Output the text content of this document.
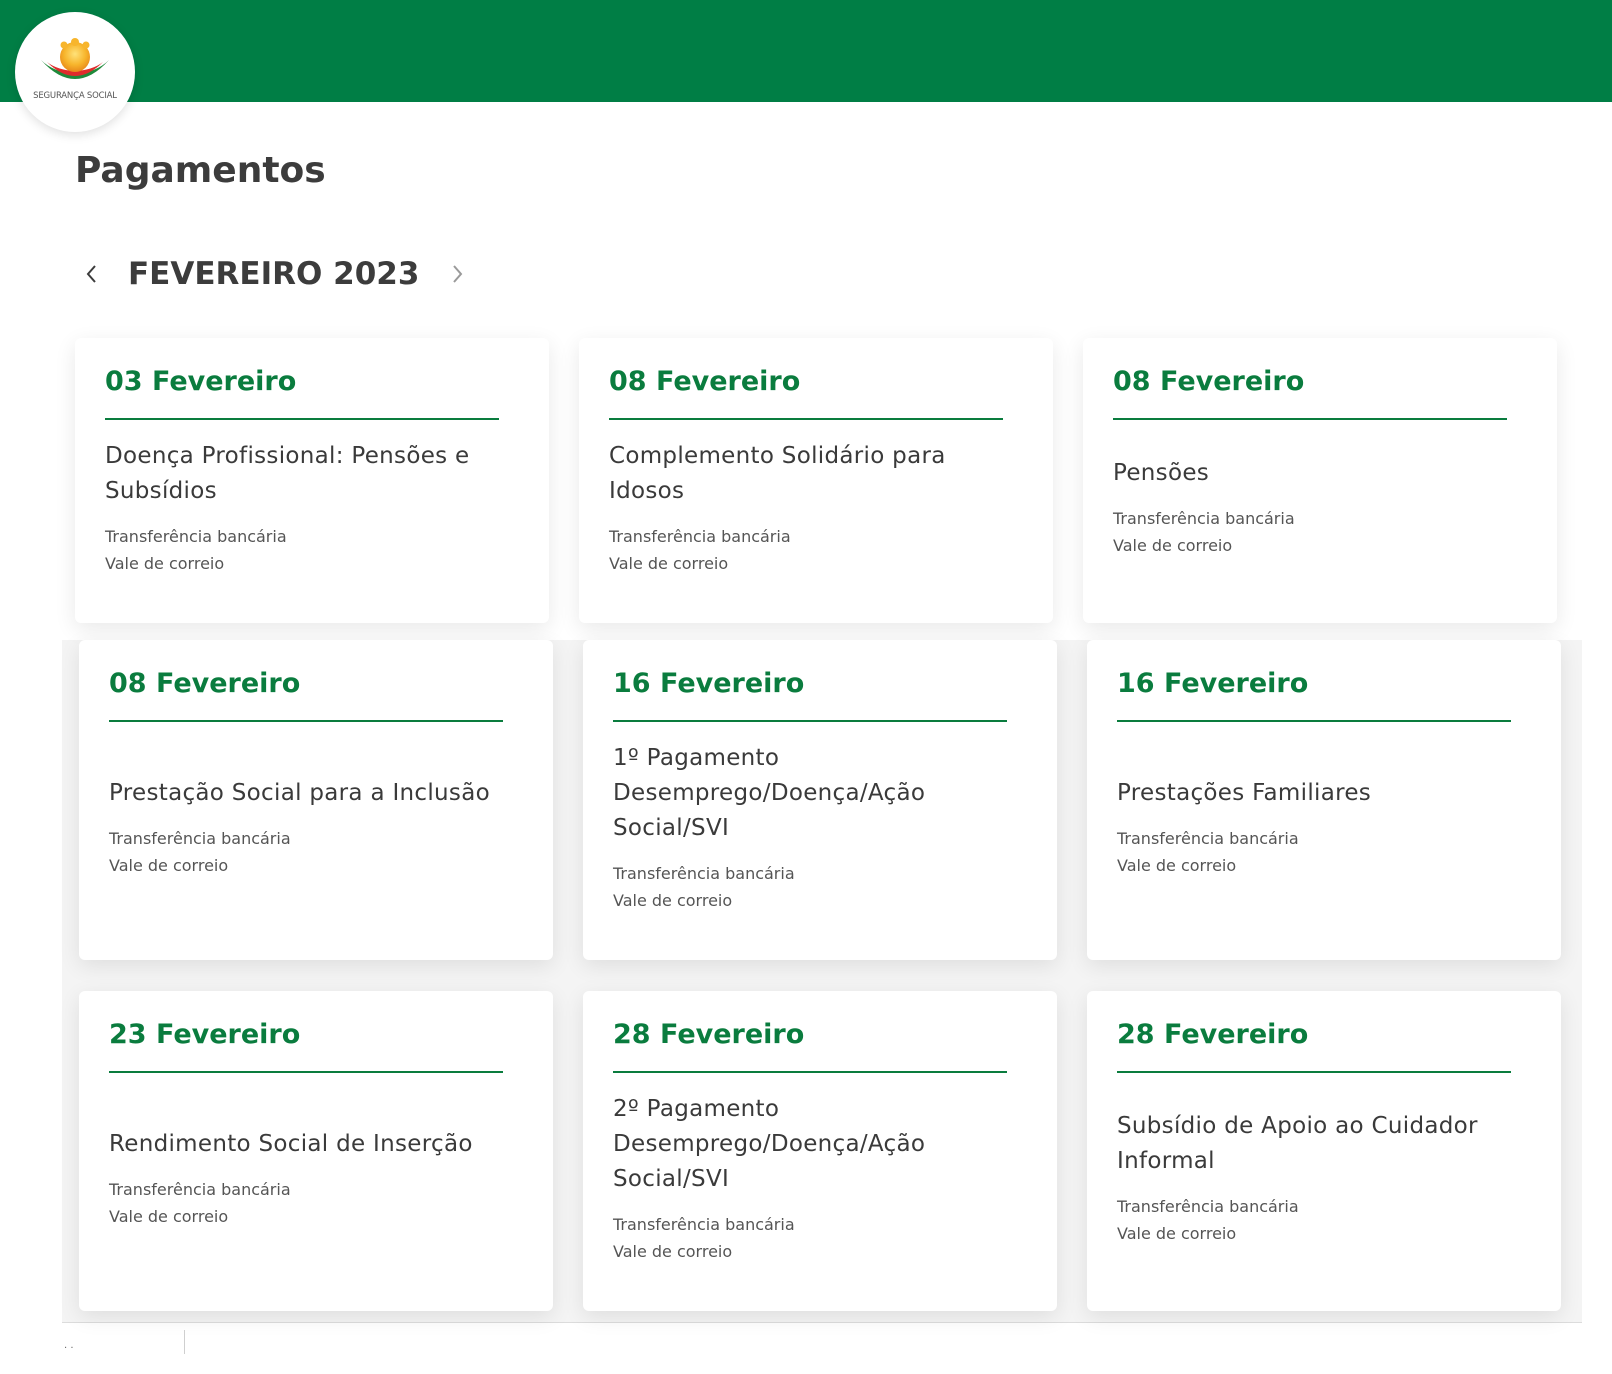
SEGURANÇA SOCIAL
Pagamentos
FEVEREIRO 2023
03 Fevereiro
Doença Profissional: Pensões e Subsídios
Transferência bancária
Vale de correio
08 Fevereiro
Complemento Solidário para Idosos
Transferência bancária
Vale de correio
08 Fevereiro
Pensões
Transferência bancária
Vale de correio
08 Fevereiro
Prestação Social para a Inclusão
Transferência bancária
Vale de correio
16 Fevereiro
1º Pagamento Desemprego/Doença/Ação Social/SVI
Transferência bancária
Vale de correio
16 Fevereiro
Prestações Familiares
Transferência bancária
Vale de correio
23 Fevereiro
Rendimento Social de Inserção
Transferência bancária
Vale de correio
28 Fevereiro
2º Pagamento Desemprego/Doença/Ação Social/SVI
Transferência bancária
Vale de correio
28 Fevereiro
Subsídio de Apoio ao Cuidador Informal
Transferência bancária
Vale de correio
. .
